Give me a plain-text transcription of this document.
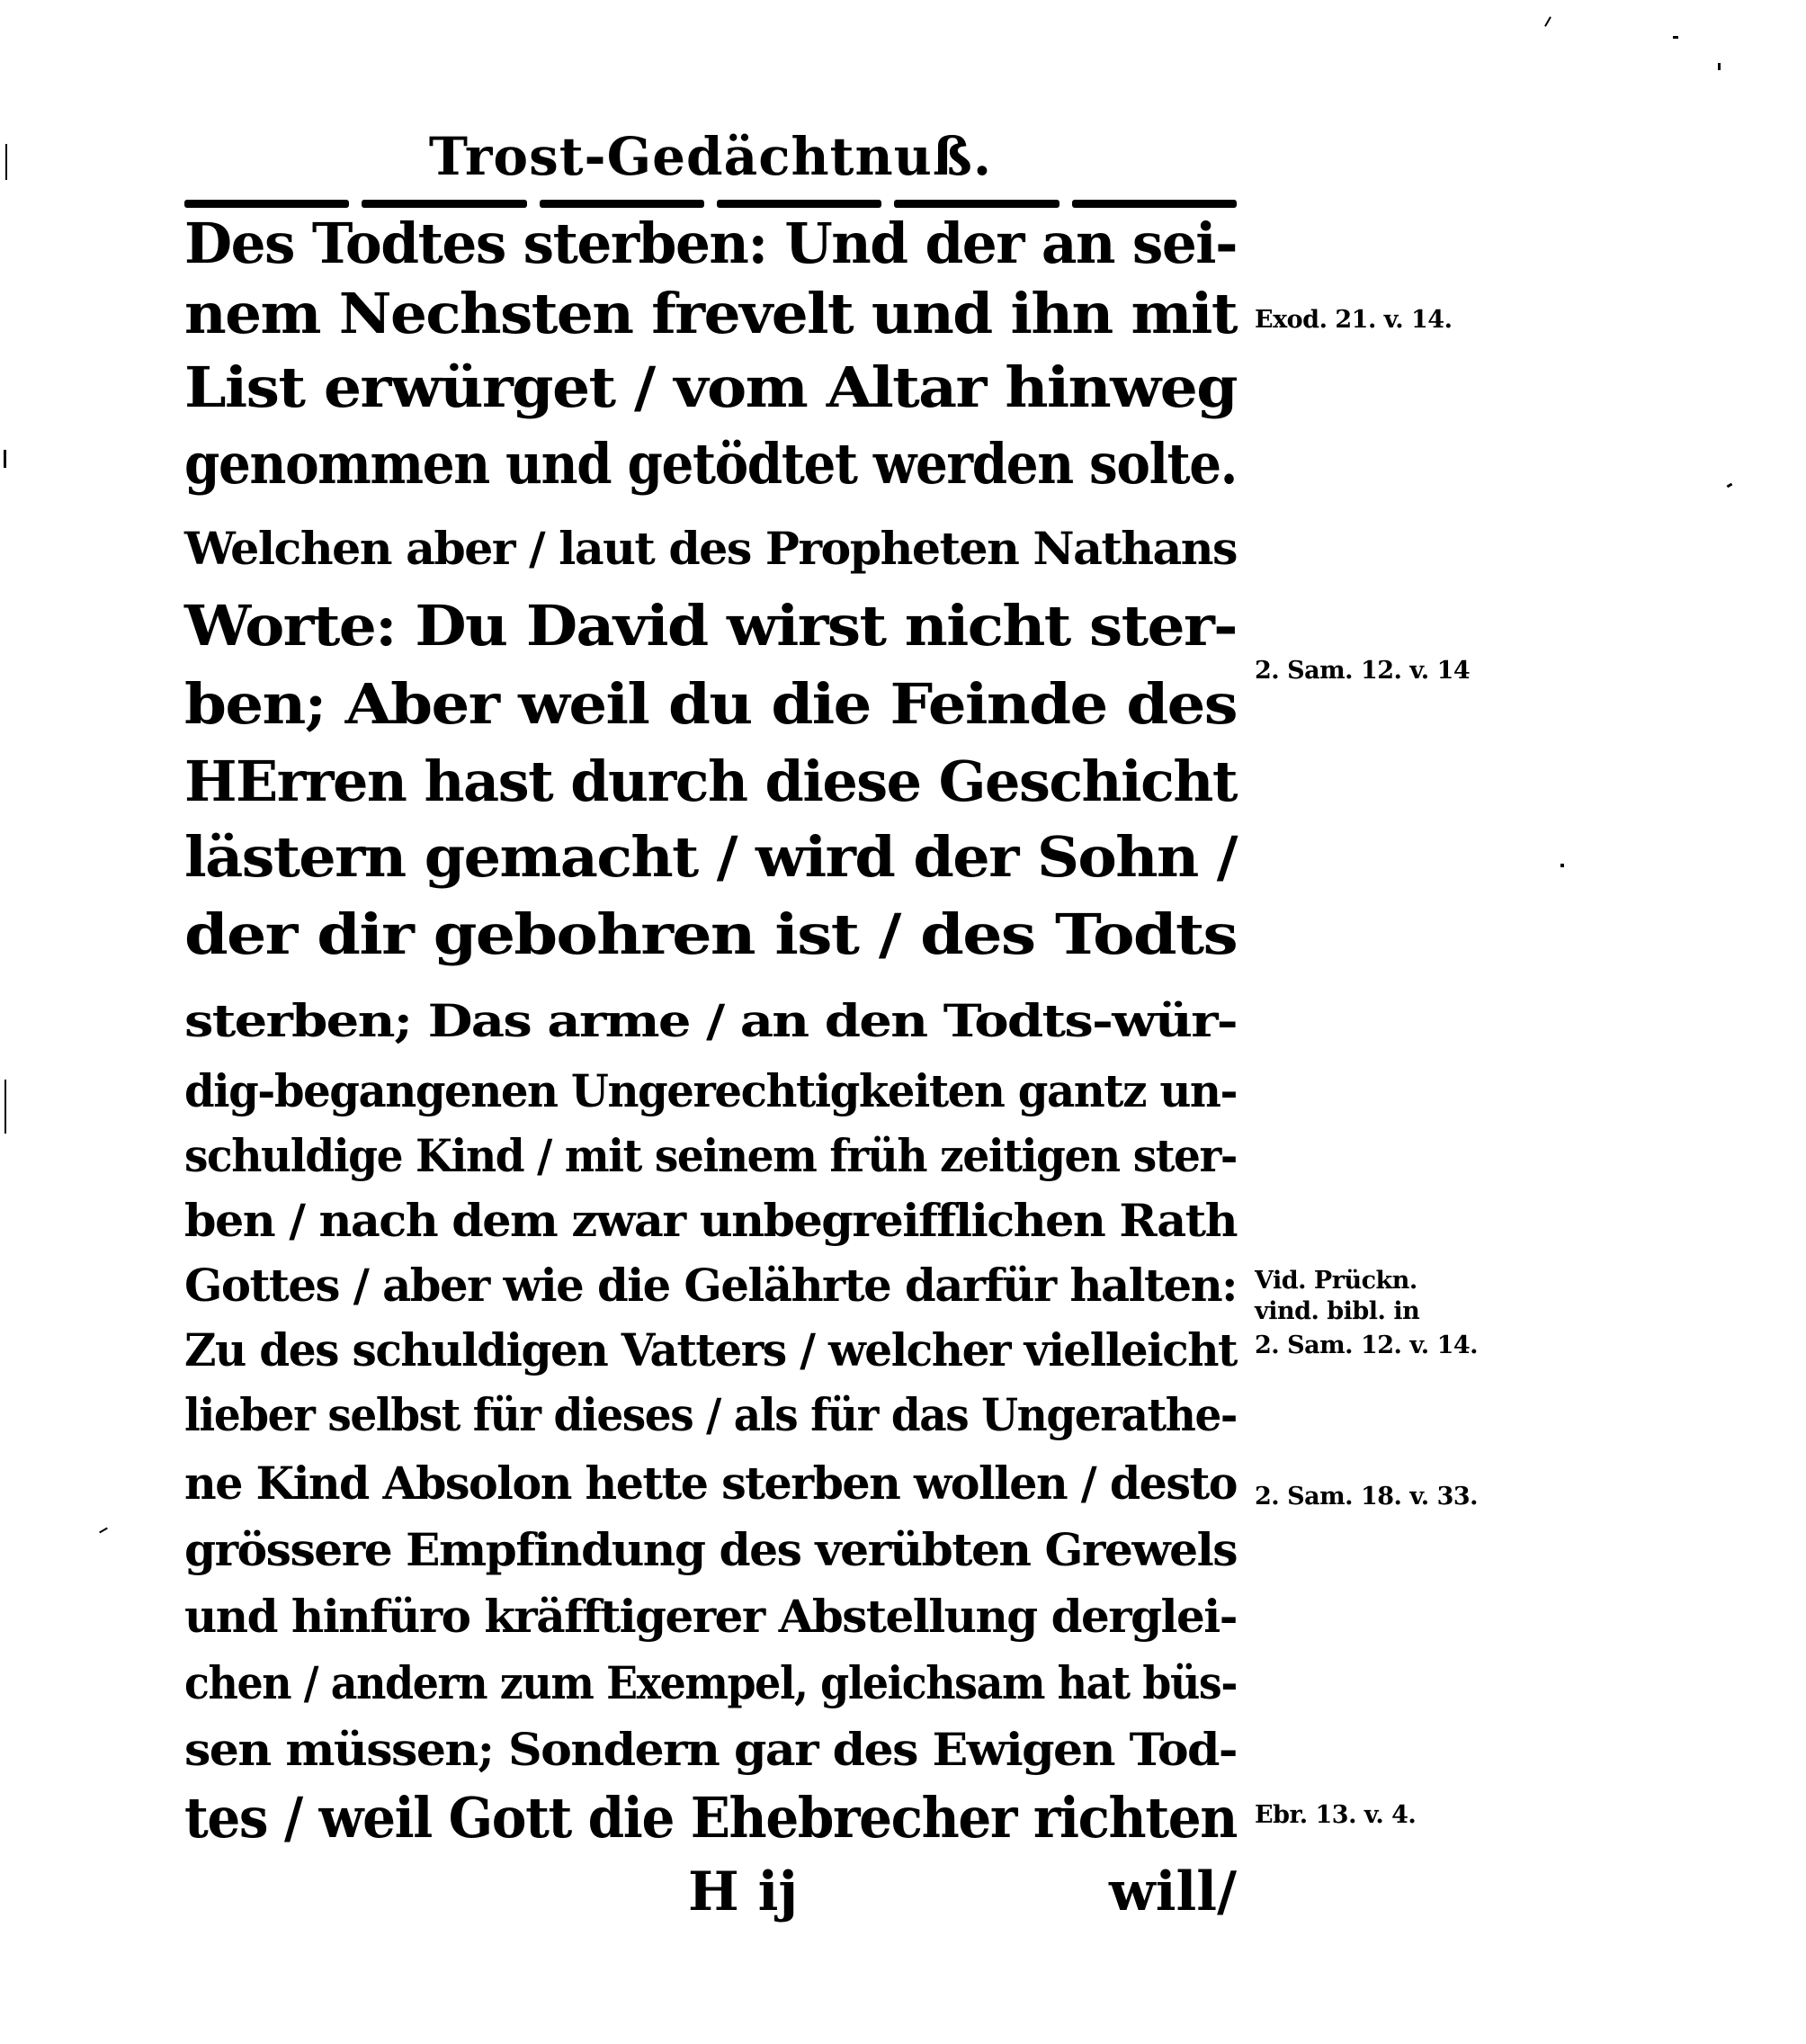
Trost-Gedächtnuß.
Des Todtes sterben: Und der an sei-
nem Nechsten frevelt und ihn mit
List erwürget / vom Altar hinweg
genommen und getödtet werden solte.
Welchen aber / laut des Propheten Nathans
Worte: Du David wirst nicht ster-
ben; Aber weil du die Feinde des
HErren hast durch diese Geschicht
lästern gemacht / wird der Sohn /
der dir gebohren ist / des Todts
sterben; Das arme / an den Todts-wür-
dig-begangenen Ungerechtigkeiten gantz un-
schuldige Kind / mit seinem früh zeitigen ster-
ben / nach dem zwar unbegreifflichen Rath
Gottes / aber wie die Gelährte darfür halten:
Zu des schuldigen Vatters / welcher vielleicht
lieber selbst für dieses / als für das Ungerathe-
ne Kind Absolon hette sterben wollen / desto
grössere Empfindung des verübten Grewels
und hinfüro kräfftigerer Abstellung derglei-
chen / andern zum Exempel, gleichsam hat büs-
sen müssen; Sondern gar des Ewigen Tod-
tes / weil Gott die Ehebrecher richten
H ij	will/
Exod. 21. v. 14.
2. Sam. 12. v. 14
Vid. Prückn.
vind. bibl. in
2. Sam. 12. v. 14.
2. Sam. 18. v. 33.
Ebr. 13. v. 4.
